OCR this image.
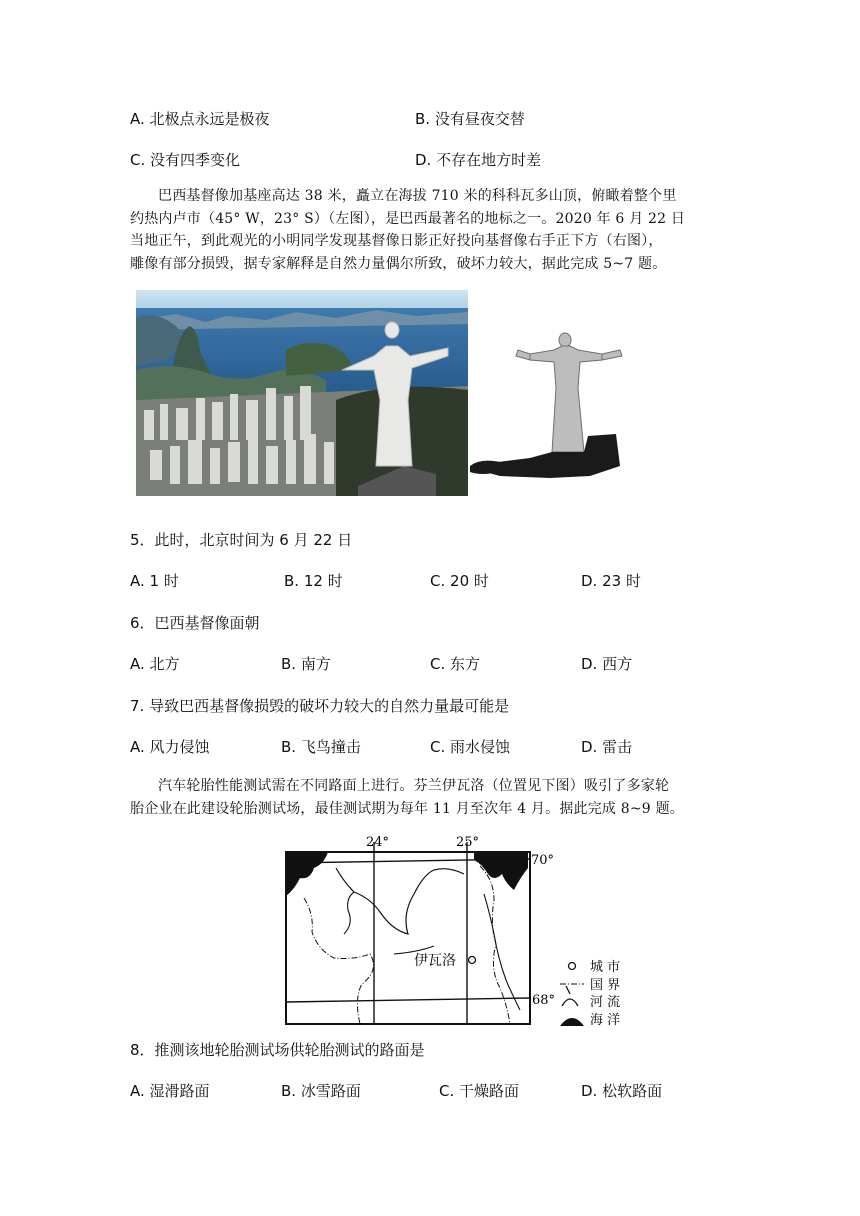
A. 北极点永远是极夜	B. 没有昼夜交替
C. 没有四季变化	D. 不存在地方时差
巴西基督像加基座高达 38 米，矗立在海拔 710 米的科科瓦多山顶，俯瞰着整个里
约热内卢市（45° W，23° S）（左图），是巴西最著名的地标之一。2020 年 6 月 22 日
当地正午，到此观光的小明同学发现基督像日影正好投向基督像右手正下方（右图），
雕像有部分损毁，据专家解释是自然力量偶尔所致，破坏力较大，据此完成 5~7 题。
5．此时，北京时间为 6 月 22 日
A. 1 时	B. 12 时	C. 20 时	D. 23 时
6．巴西基督像面朝
A. 北方	B. 南方	C. 东方	D. 西方
7. 导致巴西基督像损毁的破坏力较大的自然力量最可能是
A. 风力侵蚀	B. 飞鸟撞击	C. 雨水侵蚀	D. 雷击
汽车轮胎性能测试需在不同路面上进行。芬兰伊瓦洛（位置见下图）吸引了多家轮
胎企业在此建设轮胎测试场，最佳测试期为每年 11 月至次年 4 月。据此完成 8~9 题。
24°	25°
70°
68°
伊瓦洛	城 市
国 界
河 流
海 洋
8．推测该地轮胎测试场供轮胎测试的路面是
A. 湿滑路面	B. 冰雪路面	C. 干燥路面	D. 松软路面
